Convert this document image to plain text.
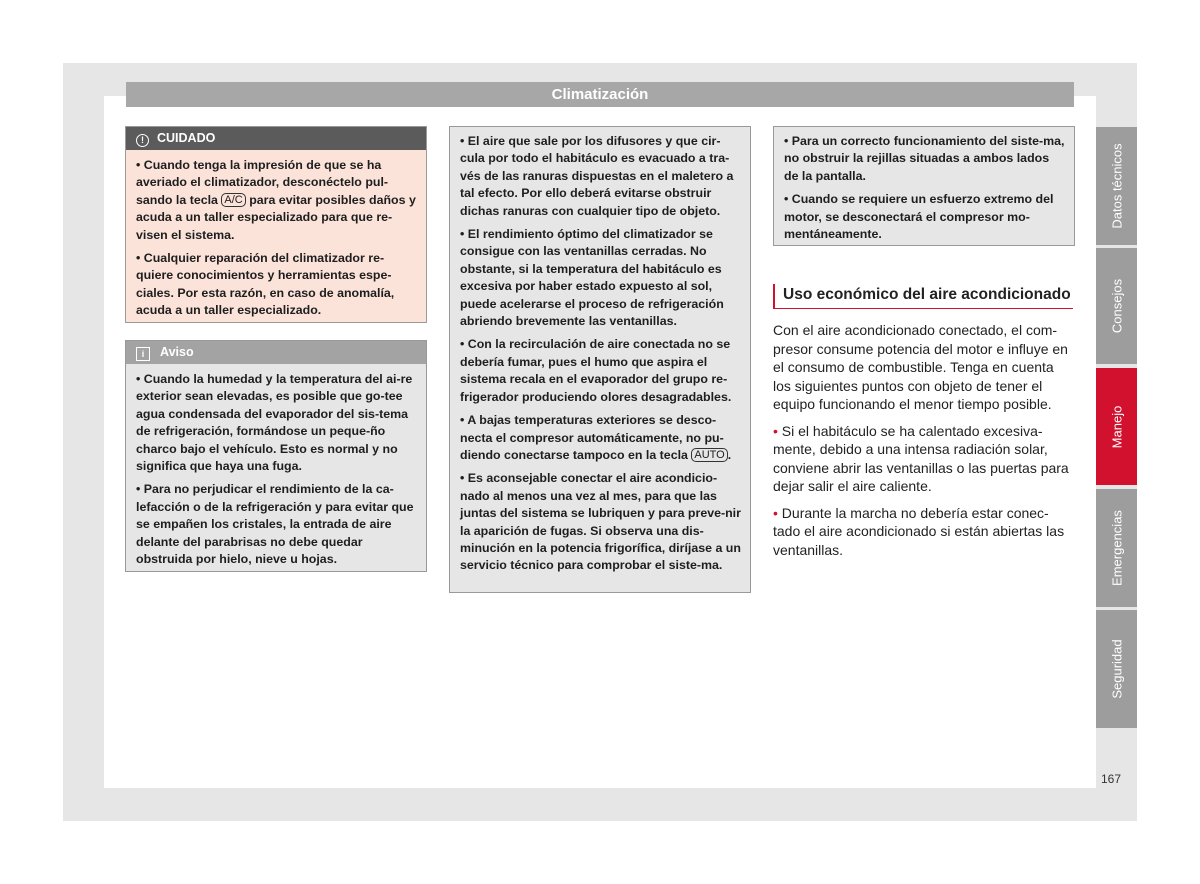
Climatización
! CUIDADO

• Cuando tenga la impresión de que se ha averiado el climatizador, desconéctelo pul-sando la tecla A/C para evitar posibles daños y acuda a un taller especializado para que re-visen el sistema.

• Cualquier reparación del climatizador re-quiere conocimientos y herramientas espe-ciales. Por esta razón, en caso de anomalía, acuda a un taller especializado.

i Aviso

• Cuando la humedad y la temperatura del ai-re exterior sean elevadas, es posible que go-tee agua condensada del evaporador del sis-tema de refrigeración, formándose un peque-ño charco bajo el vehículo. Esto es normal y no significa que haya una fuga.

• Para no perjudicar el rendimiento de la ca-lefacción o de la refrigeración y para evitar que se empañen los cristales, la entrada de aire delante del parabrisas no debe quedar obstruida por hielo, nieve u hojas.

• El aire que sale por los difusores y que cir-cula por todo el habitáculo es evacuado a tra-vés de las ranuras dispuestas en el maletero a tal efecto. Por ello deberá evitarse obstruir dichas ranuras con cualquier tipo de objeto.

• El rendimiento óptimo del climatizador se consigue con las ventanillas cerradas. No obstante, si la temperatura del habitáculo es excesiva por haber estado expuesto al sol, puede acelerarse el proceso de refrigeración abriendo brevemente las ventanillas.

• Con la recirculación de aire conectada no se debería fumar, pues el humo que aspira el sistema recala en el evaporador del grupo re-frigerador produciendo olores desagradables.

• A bajas temperaturas exteriores se desco-necta el compresor automáticamente, no pu-diendo conectarse tampoco en la tecla AUTO .

• Es aconsejable conectar el aire acondicio-nado al menos una vez al mes, para que las juntas del sistema se lubriquen y para preve-nir la aparición de fugas. Si observa una dis-minución en la potencia frigorífica, diríjase a un servicio técnico para comprobar el siste-ma.

• Para un correcto funcionamiento del siste-ma, no obstruir la rejillas situadas a ambos lados de la pantalla.

• Cuando se requiere un esfuerzo extremo del motor, se desconectará el compresor mo-mentáneamente.

Uso económico del aire acondicionado

Con el aire acondicionado conectado, el com-presor consume potencia del motor e influye en el consumo de combustible. Tenga en cuenta los siguientes puntos con objeto de tener el equipo funcionando el menor tiempo posible.

• Si el habitáculo se ha calentado excesiva-mente, debido a una intensa radiación solar, conviene abrir las ventanillas o las puertas para dejar salir el aire caliente.

• Durante la marcha no debería estar conec-tado el aire acondicionado si están abiertas las ventanillas.

Datos técnicos
Consejos
Manejo
Emergencias
Seguridad
167
